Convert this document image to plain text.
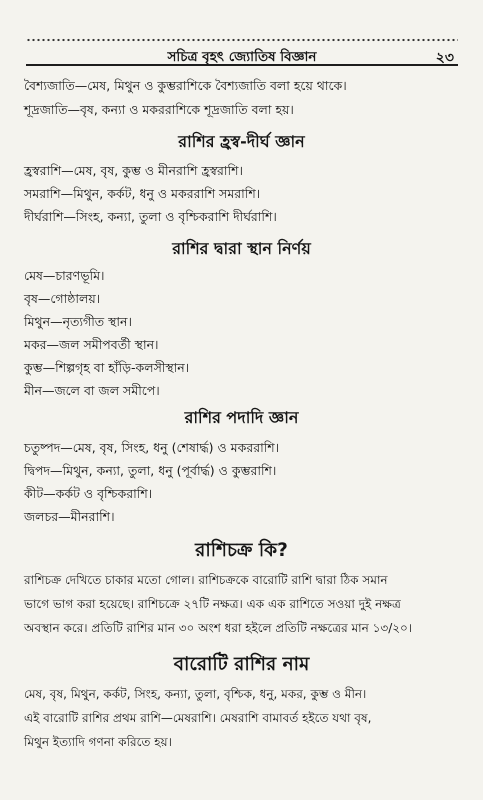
সচিত্র বৃহৎ জ্যোতিষ বিজ্ঞান	২৩
বৈশ্যজাতি—মেষ, মিথুন ও কুম্ভরাশিকে বৈশ্যজাতি বলা হয়ে থাকে।
শূদ্রজাতি—বৃষ, কন্যা ও মকররাশিকে শূদ্রজাতি বলা হয়।
রাশির হ্রস্ব-দীর্ঘ জ্ঞান
হ্রস্বরাশি—মেষ, বৃষ, কুম্ভ ও মীনরাশি হ্রস্বরাশি।
সমরাশি—মিথুন, কর্কট, ধনু ও মকররাশি সমরাশি।
দীর্ঘরাশি—সিংহ, কন্যা, তুলা ও বৃশ্চিকরাশি দীর্ঘরাশি।
রাশির দ্বারা স্থান নির্ণয়
মেষ—চারণভূমি।
বৃষ—গোষ্ঠালয়।
মিথুন—নৃত্যগীত স্থান।
মকর—জল সমীপবর্তী স্থান।
কুম্ভ—শিল্পগৃহ বা হাঁড়ি-কলসীস্থান।
মীন—জলে বা জল সমীপে।
রাশির পদাদি জ্ঞান
চতুষ্পদ—মেষ, বৃষ, সিংহ, ধনু (শেষার্দ্ধ) ও মকররাশি।
দ্বিপদ—মিথুন, কন্যা, তুলা, ধনু (পূর্বার্দ্ধ) ও কুম্ভরাশি।
কীট—কর্কট ও বৃশ্চিকরাশি।
জলচর—মীনরাশি।
রাশিচক্র কি?
রাশিচক্র দেখিতে চাকার মতো গোল। রাশিচক্রকে বারোটি রাশি দ্বারা ঠিক সমান
ভাগে ভাগ করা হয়েছে। রাশিচক্রে ২৭টি নক্ষত্র। এক এক রাশিতে সওয়া দুই নক্ষত্র
অবস্থান করে। প্রতিটি রাশির মান ৩০ অংশ ধরা হইলে প্রতিটি নক্ষত্রের মান ১৩/২০।
বারোটি রাশির নাম
মেষ, বৃষ, মিথুন, কর্কট, সিংহ, কন্যা, তুলা, বৃশ্চিক, ধনু, মকর, কুম্ভ ও মীন।
এই বারোটি রাশির প্রথম রাশি—মেষরাশি। মেষরাশি বামাবর্ত হইতে যথা বৃষ,
মিথুন ইত্যাদি গণনা করিতে হয়।
